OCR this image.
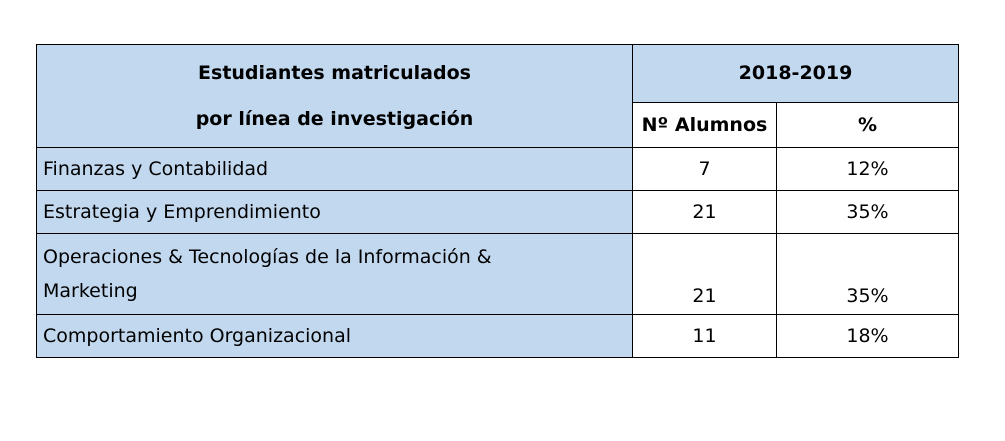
Estudiantes matriculados
por línea de investigación	2018-2019	
	Nº Alumnos	%
Finanzas y Contabilidad	7	12%
Estrategia y Emprendimiento	21	35%

Operaciones & Tecnologías de la Información &
Marketing	21	35%
Comportamiento Organizacional	11	18%
